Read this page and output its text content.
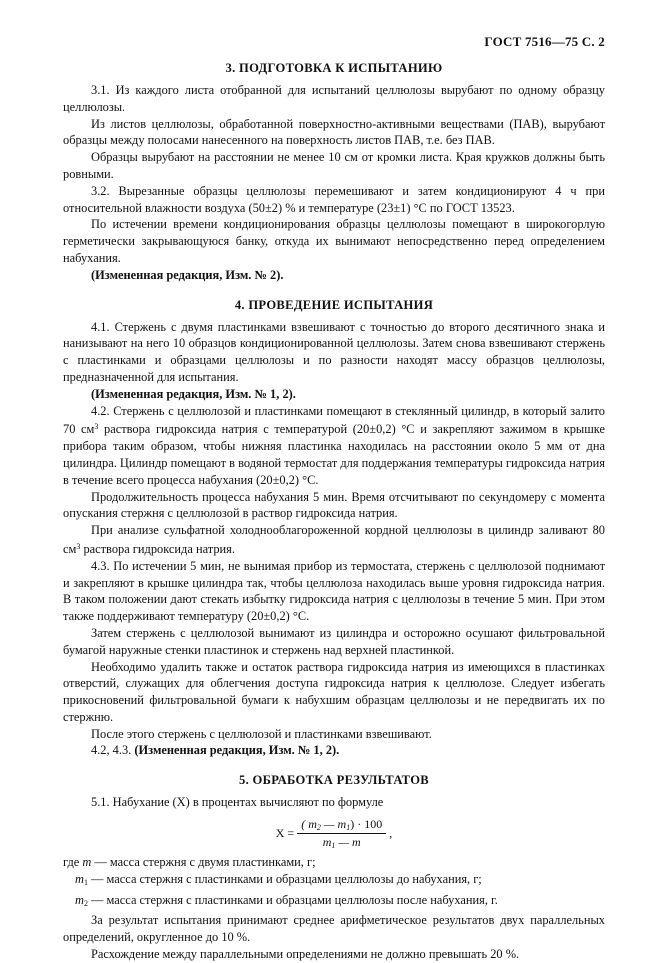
ГОСТ 7516—75 С. 2
3. ПОДГОТОВКА К ИСПЫТАНИЮ

3.1. Из каждого листа отобранной для испытаний целлюлозы вырубают по одному образцу целлюлозы.

Из листов целлюлозы, обработанной поверхностно-активными веществами (ПАВ), вырубают образцы между полосами нанесенного на поверхность листов ПАВ, т.е. без ПАВ.

Образцы вырубают на расстоянии не менее 10 см от кромки листа. Края кружков должны быть ровными.

3.2. Вырезанные образцы целлюлозы перемешивают и затем кондиционируют 4 ч при относительной влажности воздуха (50±2) % и температуре (23±1) °С по ГОСТ 13523.

По истечении времени кондиционирования образцы целлюлозы помещают в широкогорлую герметически закрывающуюся банку, откуда их вынимают непосредственно перед определением набухания.

(Измененная редакция, Изм. № 2).

4. ПРОВЕДЕНИЕ ИСПЫТАНИЯ

4.1. Стержень с двумя пластинками взвешивают с точностью до второго десятичного знака и нанизывают на него 10 образцов кондиционированной целлюлозы. Затем снова взвешивают стержень с пластинками и образцами целлюлозы и по разности находят массу образцов целлюлозы, предназначенной для испытания.

(Измененная редакция, Изм. № 1, 2).

4.2. Стержень с целлюлозой и пластинками помещают в стеклянный цилиндр, в который залито 70 $см^3$ раствора гидроксида натрия с температурой (20±0,2) °С и закрепляют зажимом в крышке прибора таким образом, чтобы нижняя пластинка находилась на расстоянии около 5 мм от дна цилиндра. Цилиндр помещают в водяной термостат для поддержания температуры гидроксида натрия в течение всего процесса набухания (20±0,2) °С.

Продолжительность процесса набухания 5 мин. Время отсчитывают по секундомеру с момента опускания стержня с целлюлозой в раствор гидроксида натрия.

При анализе сульфатной холоднооблагороженной кордной целлюлозы в цилиндр заливают 80 $см^3$ раствора гидроксида натрия.

4.3. По истечении 5 мин, не вынимая прибор из термостата, стержень с целлюлозой поднимают и закрепляют в крышке цилиндра так, чтобы целлюлоза находилась выше уровня гидроксида натрия. В таком положении дают стекать избытку гидроксида натрия с целлюлозы в течение 5 мин. При этом также поддерживают температуру (20±0,2) °С.

Затем стержень с целлюлозой вынимают из цилиндра и осторожно осушают фильтровальной бумагой наружные стенки пластинок и стержень над верхней пластинкой.

Необходимо удалить также и остаток раствора гидроксида натрия из имеющихся в пластинках отверстий, служащих для облегчения доступа гидроксида натрия к целлюлозе. Следует избегать прикосновений фильтровальной бумаги к набухшим образцам целлюлозы и не передвигать их по стержню.

После этого стержень с целлюлозой и пластинками взвешивают.

4.2, 4.3. (Измененная редакция, Изм. № 1, 2).

5. ОБРАБОТКА РЕЗУЛЬТАТОВ

5.1. Набухание (X) в процентах вычисляют по формуле

$X = \frac{( m_2 — m_1) \cdot 100}{m_1 — m}$ ,

где m — масса стержня с двумя пластинками, г;

$m_1$ — масса стержня с пластинками и образцами целлюлозы до набухания, г;

$m_2$ — масса стержня с пластинками и образцами целлюлозы после набухания, г.

За результат испытания принимают среднее арифметическое результатов двух параллельных определений, округленное до 10 %.

Расхождение между параллельными определениями не должно превышать 20 %.
